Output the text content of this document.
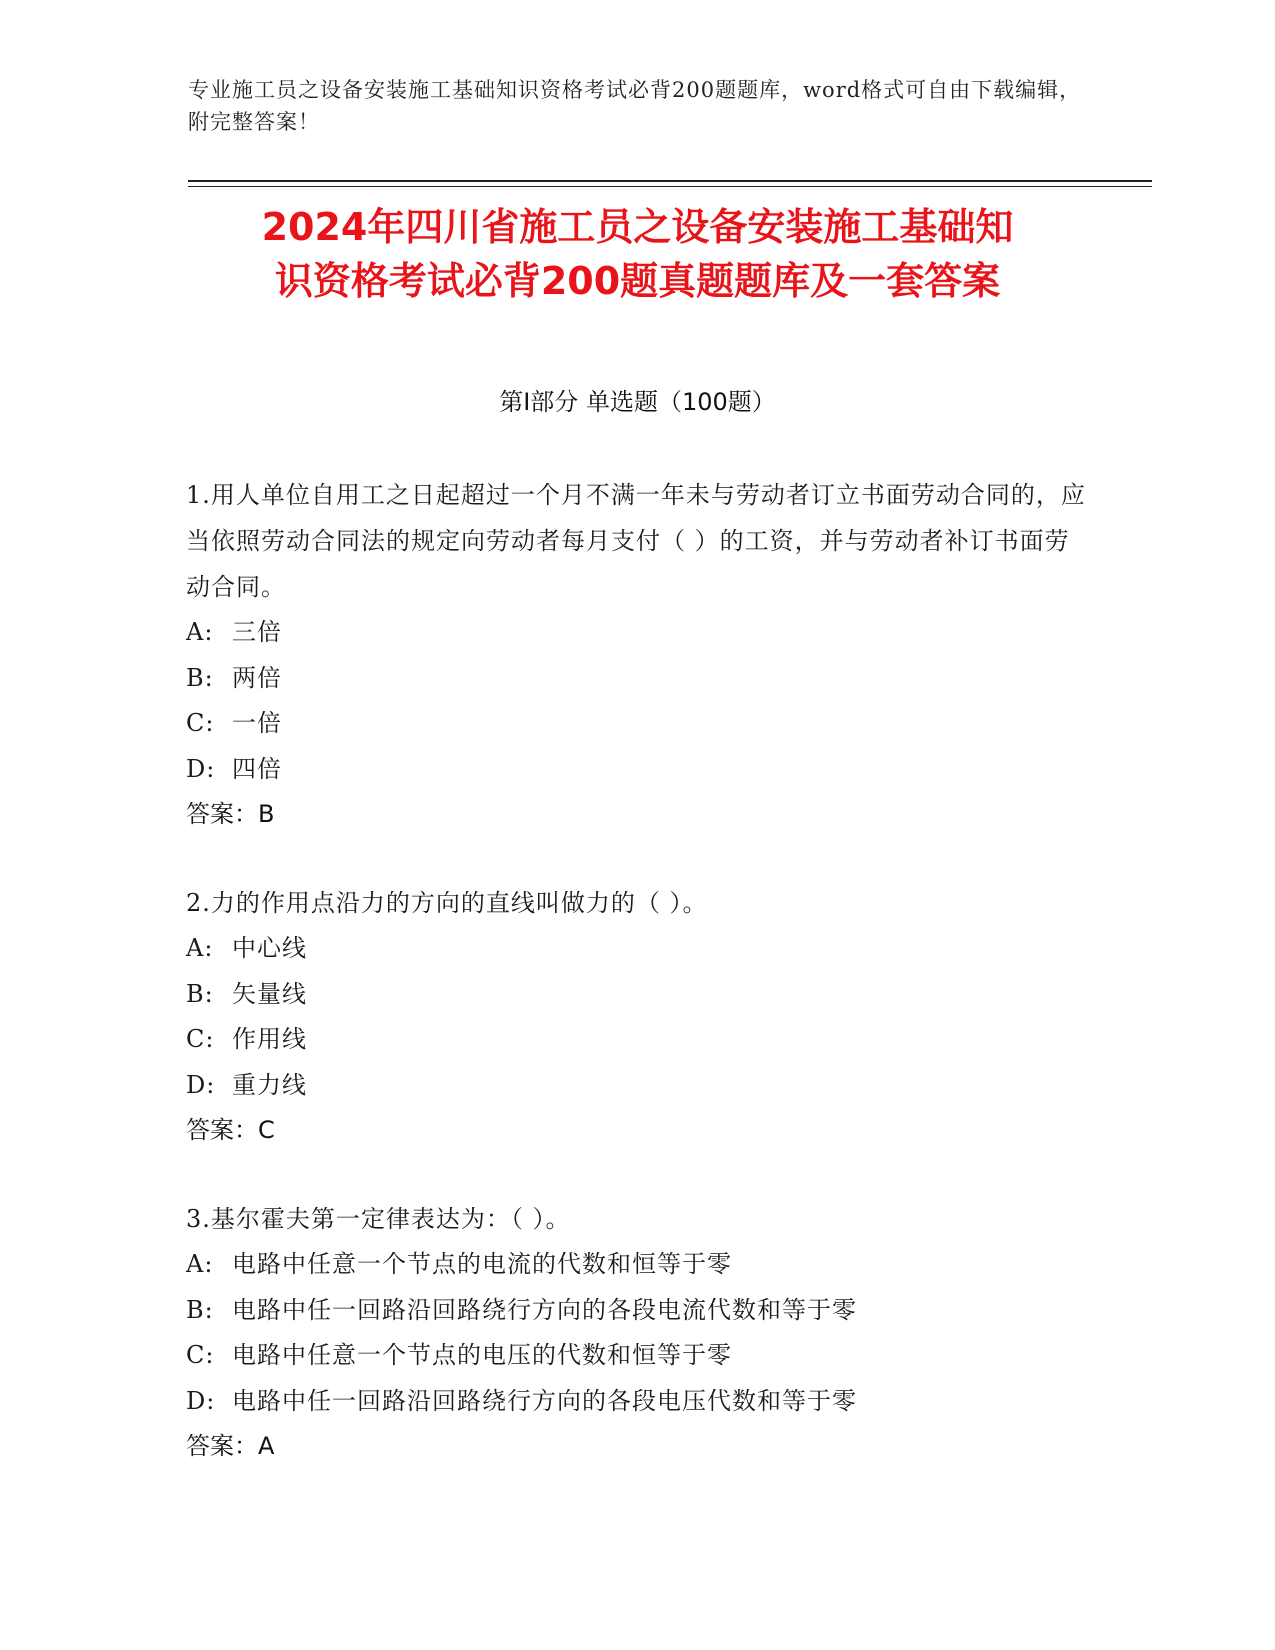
专业施工员之设备安装施工基础知识资格考试必背200题题库，word格式可自由下载编辑，附完整答案！
2024年四川省施工员之设备安装施工基础知
识资格考试必背200题真题题库及一套答案
第Ⅰ部分 单选题（100题）
1.用人单位自用工之日起超过一个月不满一年未与劳动者订立书面劳动合同的，应当依照劳动合同法的规定向劳动者每月支付（ ）的工资，并与劳动者补订书面劳动合同。
A: 三倍
B: 两倍
C: 一倍
D: 四倍
答案：B
2.力的作用点沿力的方向的直线叫做力的（ ）。
A: 中心线
B: 矢量线
C: 作用线
D: 重力线
答案：C
3.基尔霍夫第一定律表达为：（ ）。
A: 电路中任意一个节点的电流的代数和恒等于零
B: 电路中任一回路沿回路绕行方向的各段电流代数和等于零
C: 电路中任意一个节点的电压的代数和恒等于零
D: 电路中任一回路沿回路绕行方向的各段电压代数和等于零
答案：A
